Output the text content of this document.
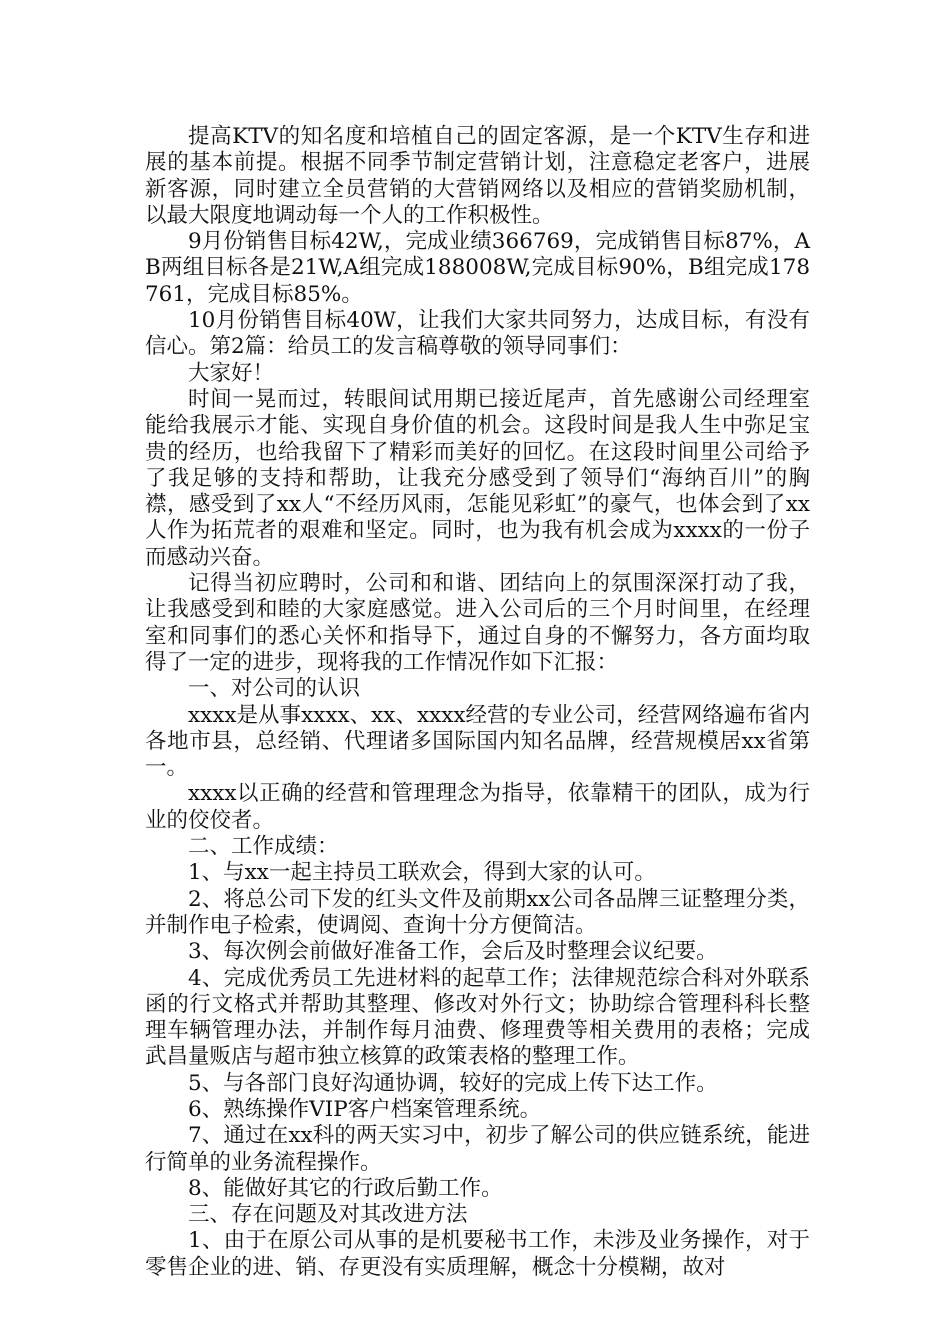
提高KTV的知名度和培植自己的固定客源，是一个KTV生存和进展的基本前提。根据不同季节制定营销计划，注意稳定老客户，进展新客源，同时建立全员营销的大营销网络以及相应的营销奖励机制，以最大限度地调动每一个人的工作积极性。

9月份销售目标42W,，完成业绩366769，完成销售目标87%，AB两组目标各是21W,A组完成188008W,完成目标90%，B组完成178761，完成目标85%。

10月份销售目标40W，让我们大家共同努力，达成目标，有没有信心。第2篇：给员工的发言稿尊敬的领导同事们：

大家好！

时间一晃而过，转眼间试用期已接近尾声，首先感谢公司经理室能给我展示才能、实现自身价值的机会。这段时间是我人生中弥足宝贵的经历，也给我留下了精彩而美好的回忆。在这段时间里公司给予了我足够的支持和帮助，让我充分感受到了领导们“海纳百川”的胸襟，感受到了xx人“不经历风雨，怎能见彩虹”的豪气，也体会到了xx人作为拓荒者的艰难和坚定。同时，也为我有机会成为xxxx的一份子而感动兴奋。

记得当初应聘时，公司和和谐、团结向上的氛围深深打动了我，让我感受到和睦的大家庭感觉。进入公司后的三个月时间里，在经理室和同事们的悉心关怀和指导下，通过自身的不懈努力，各方面均取得了一定的进步，现将我的工作情况作如下汇报：

一、对公司的认识

xxxx是从事xxxx、xx、xxxx经营的专业公司，经营网络遍布省内各地市县，总经销、代理诸多国际国内知名品牌，经营规模居xx省第一。

xxxx以正确的经营和管理理念为指导，依靠精干的团队，成为行业的佼佼者。

二、工作成绩：

1、与xx一起主持员工联欢会，得到大家的认可。

2、将总公司下发的红头文件及前期xx公司各品牌三证整理分类，并制作电子检索，使调阅、查询十分方便简洁。

3、每次例会前做好准备工作，会后及时整理会议纪要。

4、完成优秀员工先进材料的起草工作；法律规范综合科对外联系函的行文格式并帮助其整理、修改对外行文；协助综合管理科科长整理车辆管理办法，并制作每月油费、修理费等相关费用的表格；完成武昌量贩店与超市独立核算的政策表格的整理工作。

5、与各部门良好沟通协调，较好的完成上传下达工作。

6、熟练操作VIP客户档案管理系统。

7、通过在xx科的两天实习中，初步了解公司的供应链系统，能进行简单的业务流程操作。

8、能做好其它的行政后勤工作。

三、存在问题及对其改进方法

1、由于在原公司从事的是机要秘书工作，未涉及业务操作，对于零售企业的进、销、存更没有实质理解，概念十分模糊，故对
